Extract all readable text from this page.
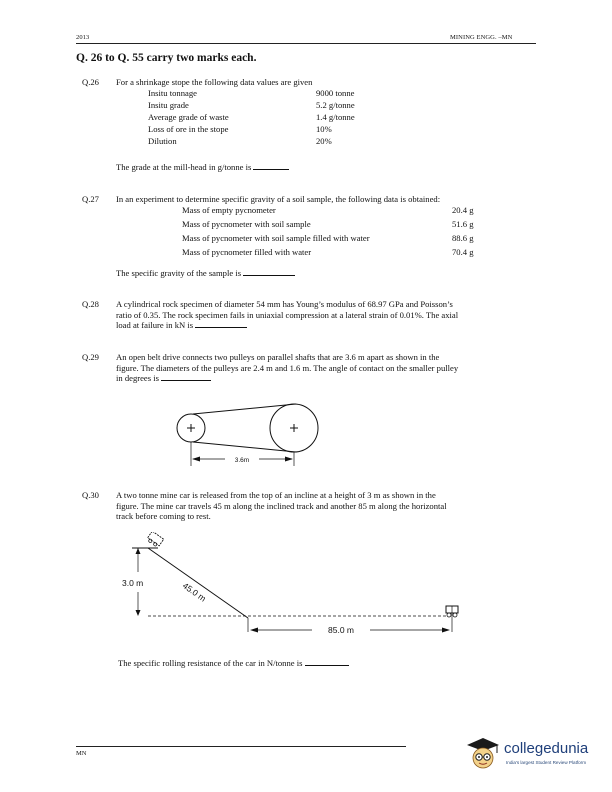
2013	MINING ENGG. –MN
Q. 26 to Q. 55 carry two marks each.
Q.26 For a shrinkage stope the following data values are given
Insitu tonnage	9000 tonne
Insitu grade	5.2 g/tonne
Average grade of waste	1.4 g/tonne
Loss of ore in the stope	10%
Dilution	20%
The grade at the mill-head in g/tonne is
Q.27 In an experiment to determine specific gravity of a soil sample, the following data is obtained:
Mass of empty pycnometer	20.4 g
Mass of pycnometer with soil sample	51.6 g
Mass of pycnometer with soil sample filled with water	88.6 g
Mass of pycnometer filled with water	70.4 g
The specific gravity of the sample is
Q.28 A cylindrical rock specimen of diameter 54 mm has Young’s modulus of 68.97 GPa and Poisson’s
ratio of 0.35. The rock specimen fails in uniaxial compression at a lateral strain of 0.01%. The axial
load at failure in kN is
Q.29 An open belt drive connects two pulleys on parallel shafts that are 3.6 m apart as shown in the
figure. The diameters of the pulleys are 2.4 m and 1.6 m. The angle of contact on the smaller pulley
in degrees is
3.6m
Q.30 A two tonne mine car is released from the top of an incline at a height of 3 m as shown in the
figure. The mine car travels 45 m along the inclined track and another 85 m along the horizontal
track before coming to rest.
3.0 m	45.0 m
85.0 m
The specific rolling resistance of the car in N/tonne is
MN	collegedunia
India's largest Student Review Platform
